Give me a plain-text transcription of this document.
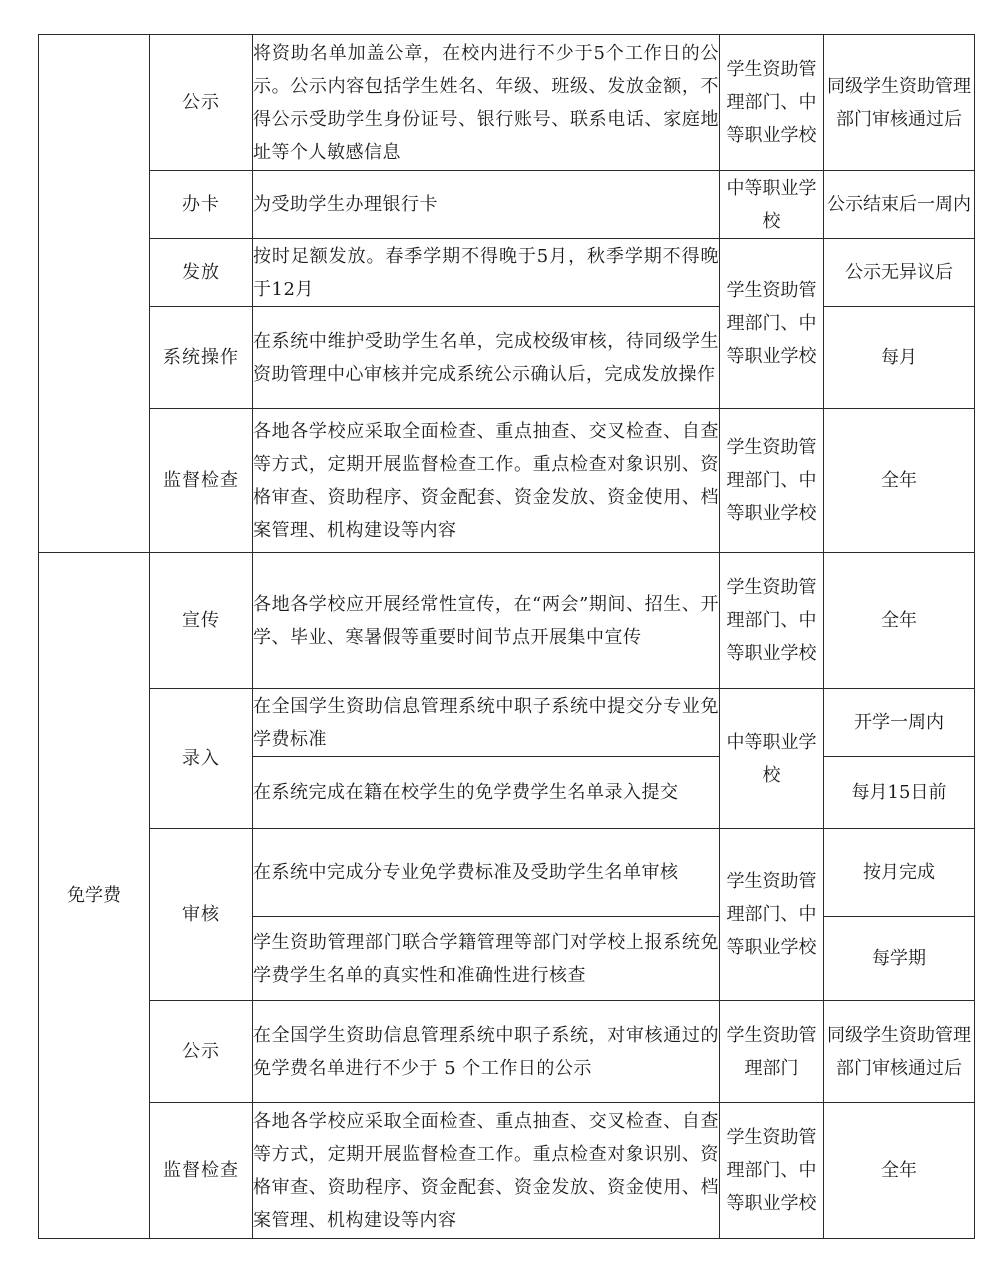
	公示	将资助名单加盖公章，在校内进行不少于5个工作日的公示。公示内容包括学生姓名、年级、班级、发放金额，不得公示受助学生身份证号、银行账号、联系电话、家庭地址等个人敏感信息	学生资助管理部门、中等职业学校	同级学生资助管理部门审核通过后
	办卡	为受助学生办理银行卡	中等职业学校	公示结束后一周内
	发放	按时足额发放。春季学期不得晚于5月，秋季学期不得晚于12月	学生资助管理部门、中等职业学校	公示无异议后
	系统操作	在系统中维护受助学生名单，完成校级审核，待同级学生资助管理中心审核并完成系统公示确认后，完成发放操作		每月
	监督检查	各地各学校应采取全面检查、重点抽查、交叉检查、自查等方式，定期开展监督检查工作。重点检查对象识别、资格审查、资助程序、资金配套、资金发放、资金使用、档案管理、机构建设等内容	学生资助管理部门、中等职业学校	全年
免学费	宣传	各地各学校应开展经常性宣传，在“两会”期间、招生、开学、毕业、寒暑假等重要时间节点开展集中宣传	学生资助管理部门、中等职业学校	全年
	录入	在全国学生资助信息管理系统中职子系统中提交分专业免学费标准	中等职业学校	开学一周内
		在系统完成在籍在校学生的免学费学生名单录入提交		每月15日前
	审核	在系统中完成分专业免学费标准及受助学生名单审核	学生资助管理部门、中等职业学校	按月完成
		学生资助管理部门联合学籍管理等部门对学校上报系统免学费学生名单的真实性和准确性进行核查		每学期
	公示	在全国学生资助信息管理系统中职子系统，对审核通过的免学费名单进行不少于 5 个工作日的公示	学生资助管理部门	同级学生资助管理部门审核通过后
	监督检查	各地各学校应采取全面检查、重点抽查、交叉检查、自查等方式，定期开展监督检查工作。重点检查对象识别、资格审查、资助程序、资金配套、资金发放、资金使用、档案管理、机构建设等内容	学生资助管理部门、中等职业学校	全年
